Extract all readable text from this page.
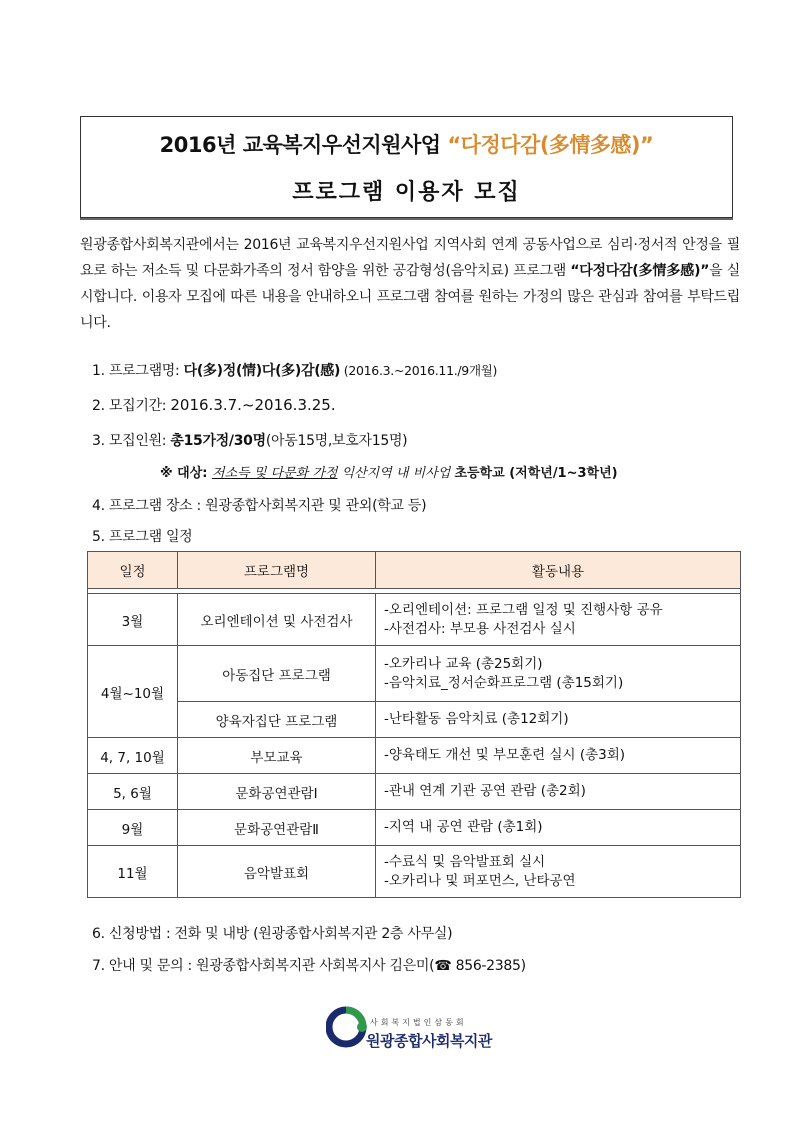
2016년 교육복지우선지원사업 “다정다감(多情多感)”
프로그램 이용자 모집
원광종합사회복지관에서는 2016년 교육복지우선지원사업 지역사회 연계 공동사업으로 심리·정서적 안정을 필요로 하는 저소득 및 다문화가족의 정서 함양을 위한 공감형성(음악치료) 프로그램 “다정다감(多情多感)”을 실시합니다. 이용자 모집에 따른 내용을 안내하오니 프로그램 참여를 원하는 가정의 많은 관심과 참여를 부탁드립니다.
1. 프로그램명: 다(多)정(情)다(多)감(感) (2016.3.~2016.11./9개월)
2. 모집기간: 2016.3.7.~2016.3.25.
3. 모집인원: 총15가정/30명(아동15명,보호자15명)
※ 대상: 저소득 및 다문화 가정 익산지역 내 비사업 초등학교 (저학년/1~3학년)
4. 프로그램 장소 : 원광종합사회복지관 및 관외(학교 등)
5. 프로그램 일정
일정	프로그램명	활동내용

3월	오리엔테이션 및 사전검사	-오리엔테이션: 프로그램 일정 및 진행사항 공유
-사전검사: 부모용 사전검사 실시

4월~10월	아동집단 프로그램	-오카리나 교육 (총25회기)
-음악치료_정서순화프로그램 (총15회기)

	양육자집단 프로그램	-난타활동 음악치료 (총12회기)

4, 7, 10월	부모교육	-양육태도 개선 및 부모훈련 실시 (총3회)

5, 6월	문화공연관람Ⅰ	-관내 연계 기관 공연 관람 (총2회)

9월	문화공연관람Ⅱ	-지역 내 공연 관람 (총1회)

11월	음악발표회	-수료식 및 음악발표회 실시
-오카리나 및 퍼포먼스, 난타공연
6. 신청방법 : 전화 및 내방 (원광종합사회복지관 2층 사무실)
7. 안내 및 문의 : 원광종합사회복지관 사회복지사 김은미(☎ 856-2385)
사회복지법인삼동회
원광종합사회복지관
